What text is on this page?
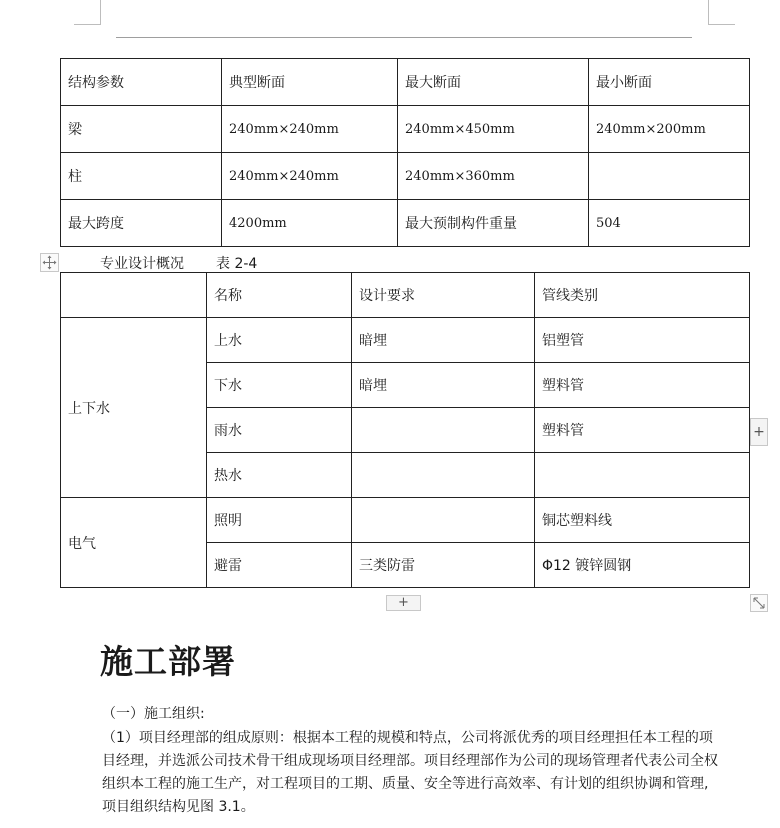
结构参数	典型断面	最大断面	最小断面
梁	240mm×240mm	240mm×450mm	240mm×200mm
柱	240mm×240mm	240mm×360mm	
最大跨度	4200mm	最大预制构件重量	504
专业设计概况 表 2-4
	名称	设计要求	管线类别
上下水	上水	暗埋	铝塑管
	下水	暗埋	塑料管
	雨水		塑料管
	热水		
电气	照明		铜芯塑料线
	避雷	三类防雷	Φ12 镀锌圆钢
+
+
施工部署
（一）施工组织:
（1）项目经理部的组成原则：根据本工程的规模和特点，公司将派优秀的项目经理担任本工程的项目经理，并选派公司技术骨干组成现场项目经理部。项目经理部作为公司的现场管理者代表公司全权组织本工程的施工生产，对工程项目的工期、质量、安全等进行高效率、有计划的组织协调和管理,项目组织结构见图 3.1。
